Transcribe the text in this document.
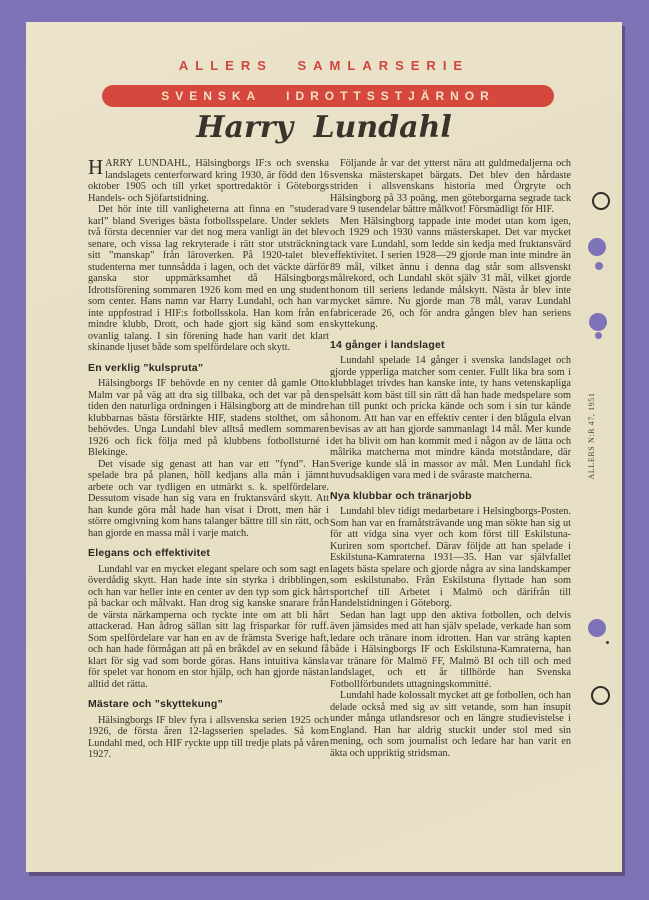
ALLERS SAMLARSERIE
SVENSKA IDROTTSSTJÄRNOR
Harry Lundahl

HARRY LUNDAHL, Hälsingborgs IF:s och svenska landslagets centerforward kring 1930, är född den 16 oktober 1905 och till yrket sportredaktör i Göteborgs Handels- och Sjöfartstidning.

Det hör inte till vanligheterna att finna en ”studerad karl” bland Sveriges bästa fotbollsspelare. Under seklets två första decennier var det nog mera vanligt än det blev senare, och vissa lag rekryterade i rätt stor utsträckning sitt ”manskap” från läroverken. På 1920-talet blev studenterna mer tunnsådda i lagen, och det väckte därför ganska stor uppmärksamhet då Hälsingborgs Idrottsförening sommaren 1926 kom med en ung student som center. Hans namn var Harry Lundahl, och han var inte uppfostrad i HIF:s fotbollsskola. Han kom från en mindre klubb, Drott, och hade gjort sig känd som en ovanlig talang. I sin förening hade han varit det klart skinande ljuset både som spelfördelare och skytt.

En verklig ”kulspruta”

Hälsingborgs IF behövde en ny center då gamle Otto Malm var på väg att dra sig tillbaka, och det var på den tiden den naturliga ordningen i Hälsingborg att de mindre klubbarnas bästa förstärkte HIF, stadens stolthet, om så behövdes. Unga Lundahl blev alltså medlem sommaren 1926 och fick följa med på klubbens fotbollsturné i Blekinge.

Det visade sig genast att han var ett ”fynd”. Han spelade bra på planen, höll kedjans alla män i jämnt arbete och var tydligen en utmärkt s. k. spelfördelare. Dessutom visade han sig vara en fruktansvärd skytt. Att han kunde göra mål hade han visat i Drott, men här i större omgivning kom hans talanger bättre till sin rätt, och han gjorde en massa mål i varje match.

Elegans och effektivitet

Lundahl var en mycket elegant spelare och som sagt en överdådig skytt. Han hade inte sin styrka i dribblingen, och han var heller inte en center av den typ som gick hårt på backar och målvakt. Han drog sig kanske snarare från de värsta närkamperna och tyckte inte om att bli hårt attackerad. Han ådrog sällan sitt lag frisparkar för ruff. Som spelfördelare var han en av de främsta Sverige haft, och han hade förmågan att på en bråkdel av en sekund få klart för sig vad som borde göras. Hans intuitiva känsla för spelet var honom en stor hjälp, och han gjorde nästan alltid det rätta.

Mästare och ”skyttekung”

Hälsingborgs IF blev fyra i allsvenska serien 1925 och 1926, de första åren 12-lagsserien spelades. Så kom Lundahl med, och HIF ryckte upp till tredje plats på våren 1927.

Följande år var det ytterst nära att guldmedaljerna och svenska mästerskapet bärgats. Det blev den hårdaste striden i allsvenskans historia med Örgryte och Hälsingborg på 33 poäng, men göteborgarna segrade tack vare 9 tusendelar bättre målkvot! Försmädligt för HIF.

Men Hälsingborg tappade inte modet utan kom igen, och 1929 och 1930 vanns mästerskapet. Det var mycket tack vare Lundahl, som ledde sin kedja med fruktansvärd effektivitet. I serien 1928—29 gjorde man inte mindre än 89 mål, vilket ännu i denna dag står som allsvenskt målrekord, och Lundahl sköt själv 31 mål, vilket gjorde honom till seriens ledande målskytt. Nästa år blev inte mycket sämre. Nu gjorde man 78 mål, varav Lundahl fabricerade 26, och för andra gången blev han seriens skyttekung.

14 gånger i landslaget

Lundahl spelade 14 gånger i svenska landslaget och gjorde ypperliga matcher som center. Fullt lika bra som i klubblaget trivdes han kanske inte, ty hans vetenskapliga spelsätt kom bäst till sin rätt då han hade medspelare som han till punkt och pricka kände och som i sin tur kände honom. Att han var en effektiv center i den blågula elvan bevisas av att han gjorde sammanlagt 14 mål. Mer kunde det ha blivit om han kommit med i någon av de lätta och målrika matcherna mot mindre kända motståndare, där Sverige kunde slå in massor av mål. Men Lundahl fick huvudsakligen vara med i de svåraste matcherna.

Nya klubbar och tränarjobb

Lundahl blev tidigt medarbetare i Helsingborgs-Posten. Som han var en framåtsträvande ung man sökte han sig ut för att vidga sina vyer och kom först till Eskilstuna-Kuriren som sportchef. Därav följde att han spelade i Eskilstuna-Kamraterna 1931—35. Han var självfallet lagets bästa spelare och gjorde några av sina landskamper som eskilstunabo. Från Eskilstuna flyttade han som sportchef till Arbetet i Malmö och därifrån till Handelstidningen i Göteborg.

Sedan han lagt upp den aktiva fotbollen, och delvis även jämsides med att han själv spelade, verkade han som ledare och tränare inom idrotten. Han var sträng kapten både i Hälsingborgs IF och Eskilstuna-Kamraterna, han var tränare för Malmö FF, Malmö BI och till och med landslaget, och ett år tillhörde han Svenska Fotbollförbundets uttagningskommitté.

Lundahl hade kolossalt mycket att ge fotbollen, och han delade också med sig av sitt vetande, som han insupit under många utlandsresor och en längre studievistelse i England. Han har aldrig stuckit under stol med sin mening, och som journalist och ledare har han varit en äkta och uppriktig stridsman.

ALLERS N:R 47, 1951
